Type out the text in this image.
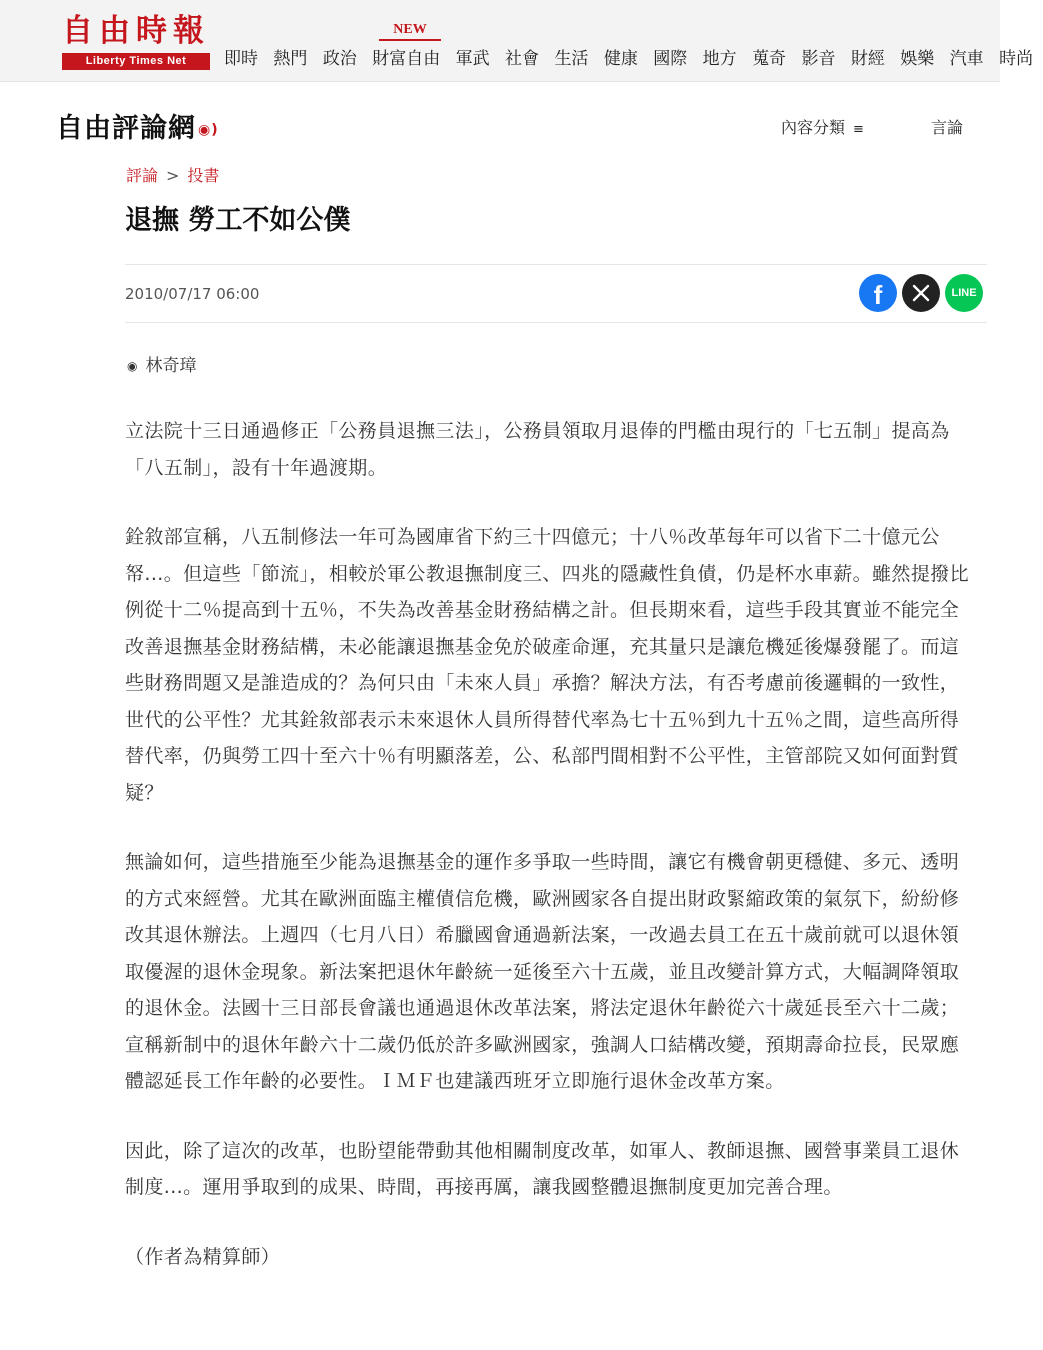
自由時報
Liberty Times Net
NEW
即時 熱門 政治 財富自由 軍武 社會 生活 健康 國際 地方 蒐奇 影音 財經 娛樂 汽車 時尚
自由評論網 ◉)	內容分類 ≡	言論
評論 > 投書
退撫 勞工不如公僕
2010/07/17 06:00	f	LINE
◉ 林奇璋

立法院十三日通過修正「公務員退撫三法」，公務員領取月退俸的門檻由現行的「七五制」提高為「八五制」，設有十年過渡期。

銓敘部宣稱，八五制修法一年可為國庫省下約三十四億元；十八％改革每年可以省下二十億元公帑...。但這些「節流」，相較於軍公教退撫制度三、四兆的隱藏性負債，仍是杯水車薪。雖然提撥比例從十二％提高到十五％，不失為改善基金財務結構之計。但長期來看，這些手段其實並不能完全改善退撫基金財務結構，未必能讓退撫基金免於破產命運，充其量只是讓危機延後爆發罷了。而這些財務問題又是誰造成的？為何只由「未來人員」承擔？解決方法，有否考慮前後邏輯的一致性，世代的公平性？尤其銓敘部表示未來退休人員所得替代率為七十五％到九十五％之間，這些高所得替代率，仍與勞工四十至六十％有明顯落差，公、私部門間相對不公平性，主管部院又如何面對質疑？

無論如何，這些措施至少能為退撫基金的運作多爭取一些時間，讓它有機會朝更穩健、多元、透明的方式來經營。尤其在歐洲面臨主權債信危機，歐洲國家各自提出財政緊縮政策的氣氛下，紛紛修改其退休辦法。上週四（七月八日）希臘國會通過新法案，一改過去員工在五十歲前就可以退休領取優渥的退休金現象。新法案把退休年齡統一延後至六十五歲，並且改變計算方式，大幅調降領取的退休金。法國十三日部長會議也通過退休改革法案，將法定退休年齡從六十歲延長至六十二歲；宣稱新制中的退休年齡六十二歲仍低於許多歐洲國家，強調人口結構改變，預期壽命拉長，民眾應體認延長工作年齡的必要性。ＩＭＦ也建議西班牙立即施行退休金改革方案。

因此，除了這次的改革，也盼望能帶動其他相關制度改革，如軍人、教師退撫、國營事業員工退休制度...。運用爭取到的成果、時間，再接再厲，讓我國整體退撫制度更加完善合理。

（作者為精算師）
